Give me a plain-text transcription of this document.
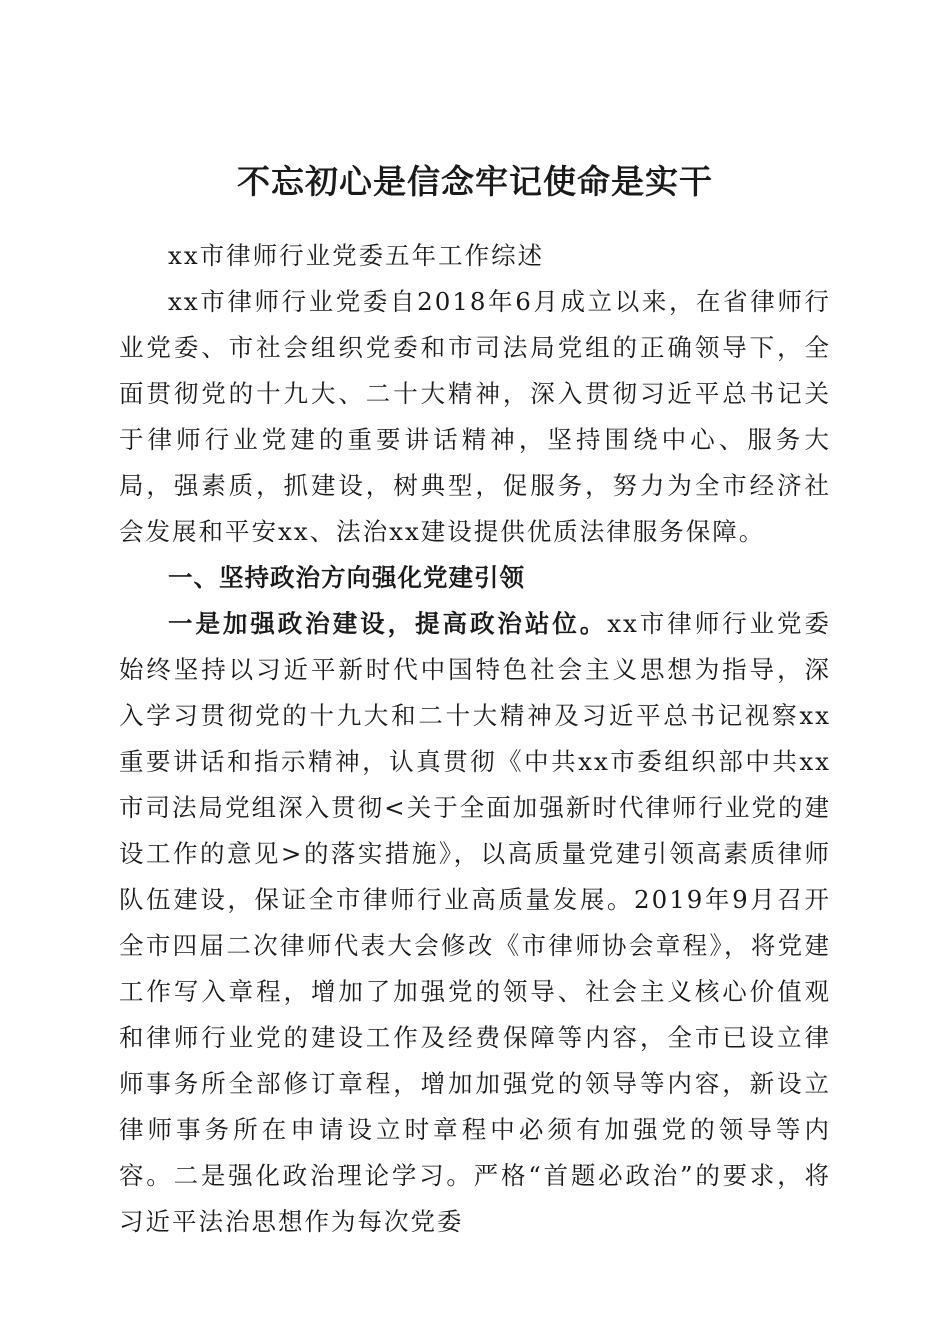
不忘初心是信念牢记使命是实干

xx市律师行业党委五年工作综述

xx市律师行业党委自2018年6月成立以来，在省律师行业党委、市社会组织党委和市司法局党组的正确领导下，全面贯彻党的十九大、二十大精神，深入贯彻习近平总书记关于律师行业党建的重要讲话精神，坚持围绕中心、服务大局，强素质，抓建设，树典型，促服务，努力为全市经济社会发展和平安xx、法治xx建设提供优质法律服务保障。

一、坚持政治方向强化党建引领

一是加强政治建设，提高政治站位。xx市律师行业党委始终坚持以习近平新时代中国特色社会主义思想为指导，深入学习贯彻党的十九大和二十大精神及习近平总书记视察xx重要讲话和指示精神，认真贯彻《中共xx市委组织部中共xx市司法局党组深入贯彻<关于全面加强新时代律师行业党的建设工作的意见>的落实措施》，以高质量党建引领高素质律师队伍建设，保证全市律师行业高质量发展。2019年9月召开全市四届二次律师代表大会修改《市律师协会章程》，将党建工作写入章程，增加了加强党的领导、社会主义核心价值观和律师行业党的建设工作及经费保障等内容，全市已设立律师事务所全部修订章程，增加加强党的领导等内容，新设立律师事务所在申请设立时章程中必须有加强党的领导等内容。二是强化政治理论学习。严格“首题必政治”的要求，将习近平法治思想作为每次党委
